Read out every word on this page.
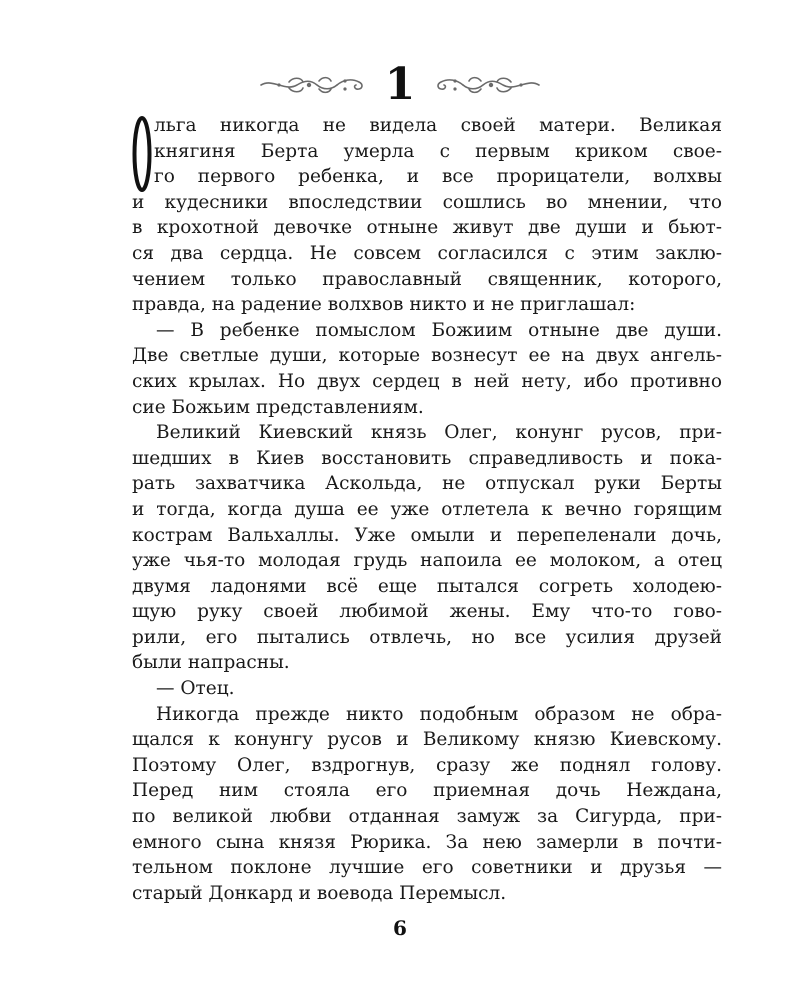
1
льга никогда не видела своей матери. Великая
княгиня Берта умерла с первым криком свое-
го первого ребенка, и все прорицатели, волхвы
и кудесники впоследствии сошлись во мнении, что
в крохотной девочке отныне живут две души и бьют-
ся два сердца. Не совсем согласился с этим заклю-
чением только православный священник, которого,
правда, на радение волхвов никто и не приглашал:
— В ребенке помыслом Божиим отныне две души.
Две светлые души, которые вознесут ее на двух ангель-
ских крылах. Но двух сердец в ней нету, ибо противно
сие Божьим представлениям.
Великий Киевский князь Олег, конунг русов, при-
шедших в Киев восстановить справедливость и пока-
рать захватчика Аскольда, не отпускал руки Берты
и тогда, когда душа ее уже отлетела к вечно горящим
кострам Вальхаллы. Уже омыли и перепеленали дочь,
уже чья-то молодая грудь напоила ее молоком, а отец
двумя ладонями всё еще пытался согреть холодею-
щую руку своей любимой жены. Ему что-то гово-
рили, его пытались отвлечь, но все усилия друзей
были напрасны.
— Отец.
Никогда прежде никто подобным образом не обра-
щался к конунгу русов и Великому князю Киевскому.
Поэтому Олег, вздрогнув, сразу же поднял голову.
Перед ним стояла его приемная дочь Неждана,
по великой любви отданная замуж за Сигурда, при-
емного сына князя Рюрика. За нею замерли в почти-
тельном поклоне лучшие его советники и друзья —
старый Донкард и воевода Перемысл.
6
